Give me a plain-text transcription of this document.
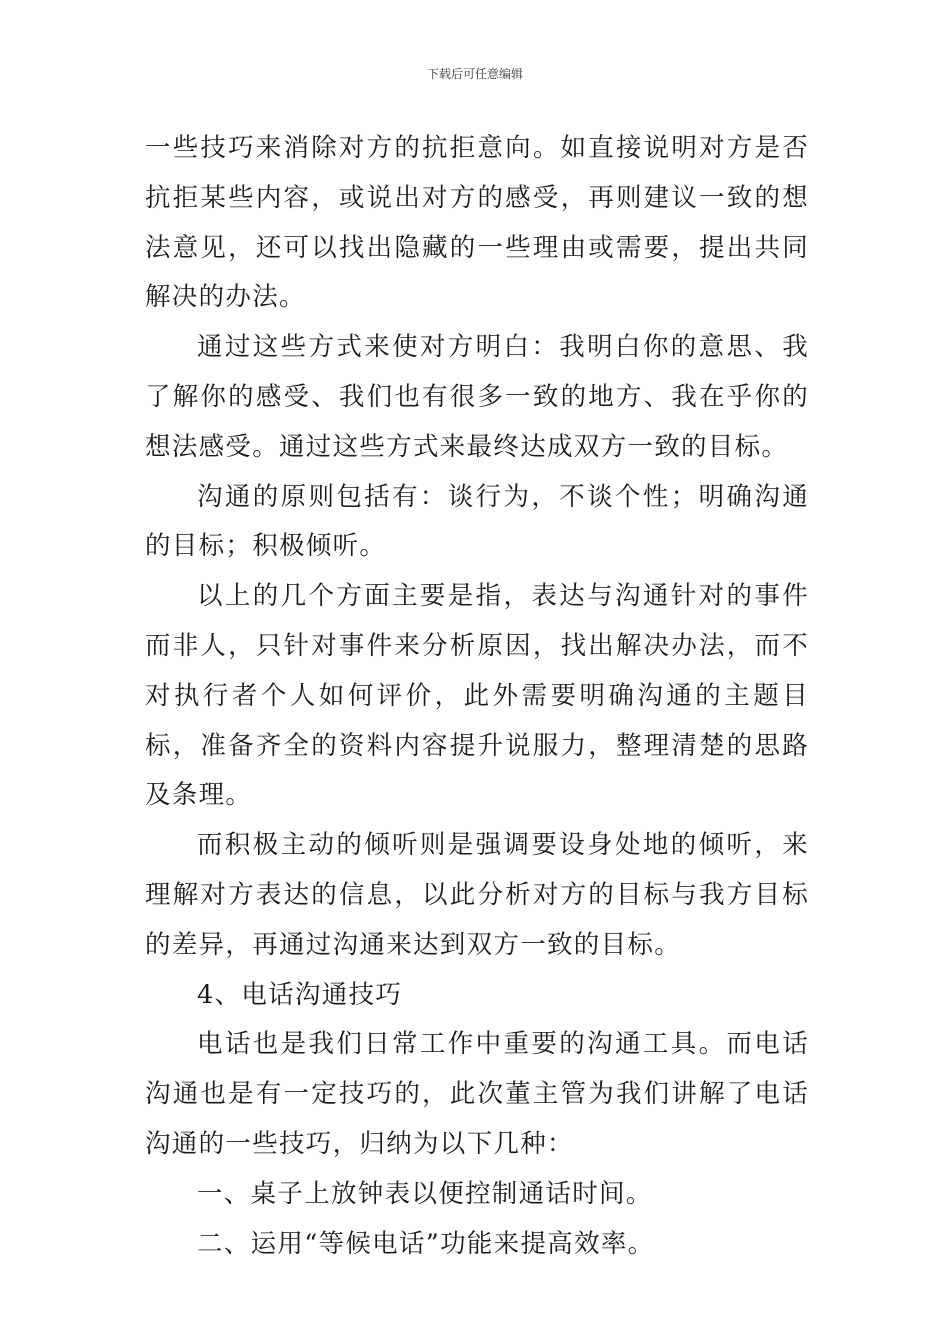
下载后可任意编辑

一些技巧来消除对方的抗拒意向。如直接说明对方是否抗拒某些内容，或说出对方的感受，再则建议一致的想法意见，还可以找出隐藏的一些理由或需要，提出共同解决的办法。

通过这些方式来使对方明白：我明白你的意思、我了解你的感受、我们也有很多一致的地方、我在乎你的想法感受。通过这些方式来最终达成双方一致的目标。

沟通的原则包括有：谈行为，不谈个性；明确沟通的目标；积极倾听。

以上的几个方面主要是指，表达与沟通针对的事件而非人，只针对事件来分析原因，找出解决办法，而不对执行者个人如何评价，此外需要明确沟通的主题目标，准备齐全的资料内容提升说服力，整理清楚的思路及条理。

而积极主动的倾听则是强调要设身处地的倾听，来理解对方表达的信息，以此分析对方的目标与我方目标的差异，再通过沟通来达到双方一致的目标。

4、电话沟通技巧

电话也是我们日常工作中重要的沟通工具。而电话沟通也是有一定技巧的，此次董主管为我们讲解了电话沟通的一些技巧，归纳为以下几种：

一、桌子上放钟表以便控制通话时间。

二、运用“等候电话”功能来提高效率。
